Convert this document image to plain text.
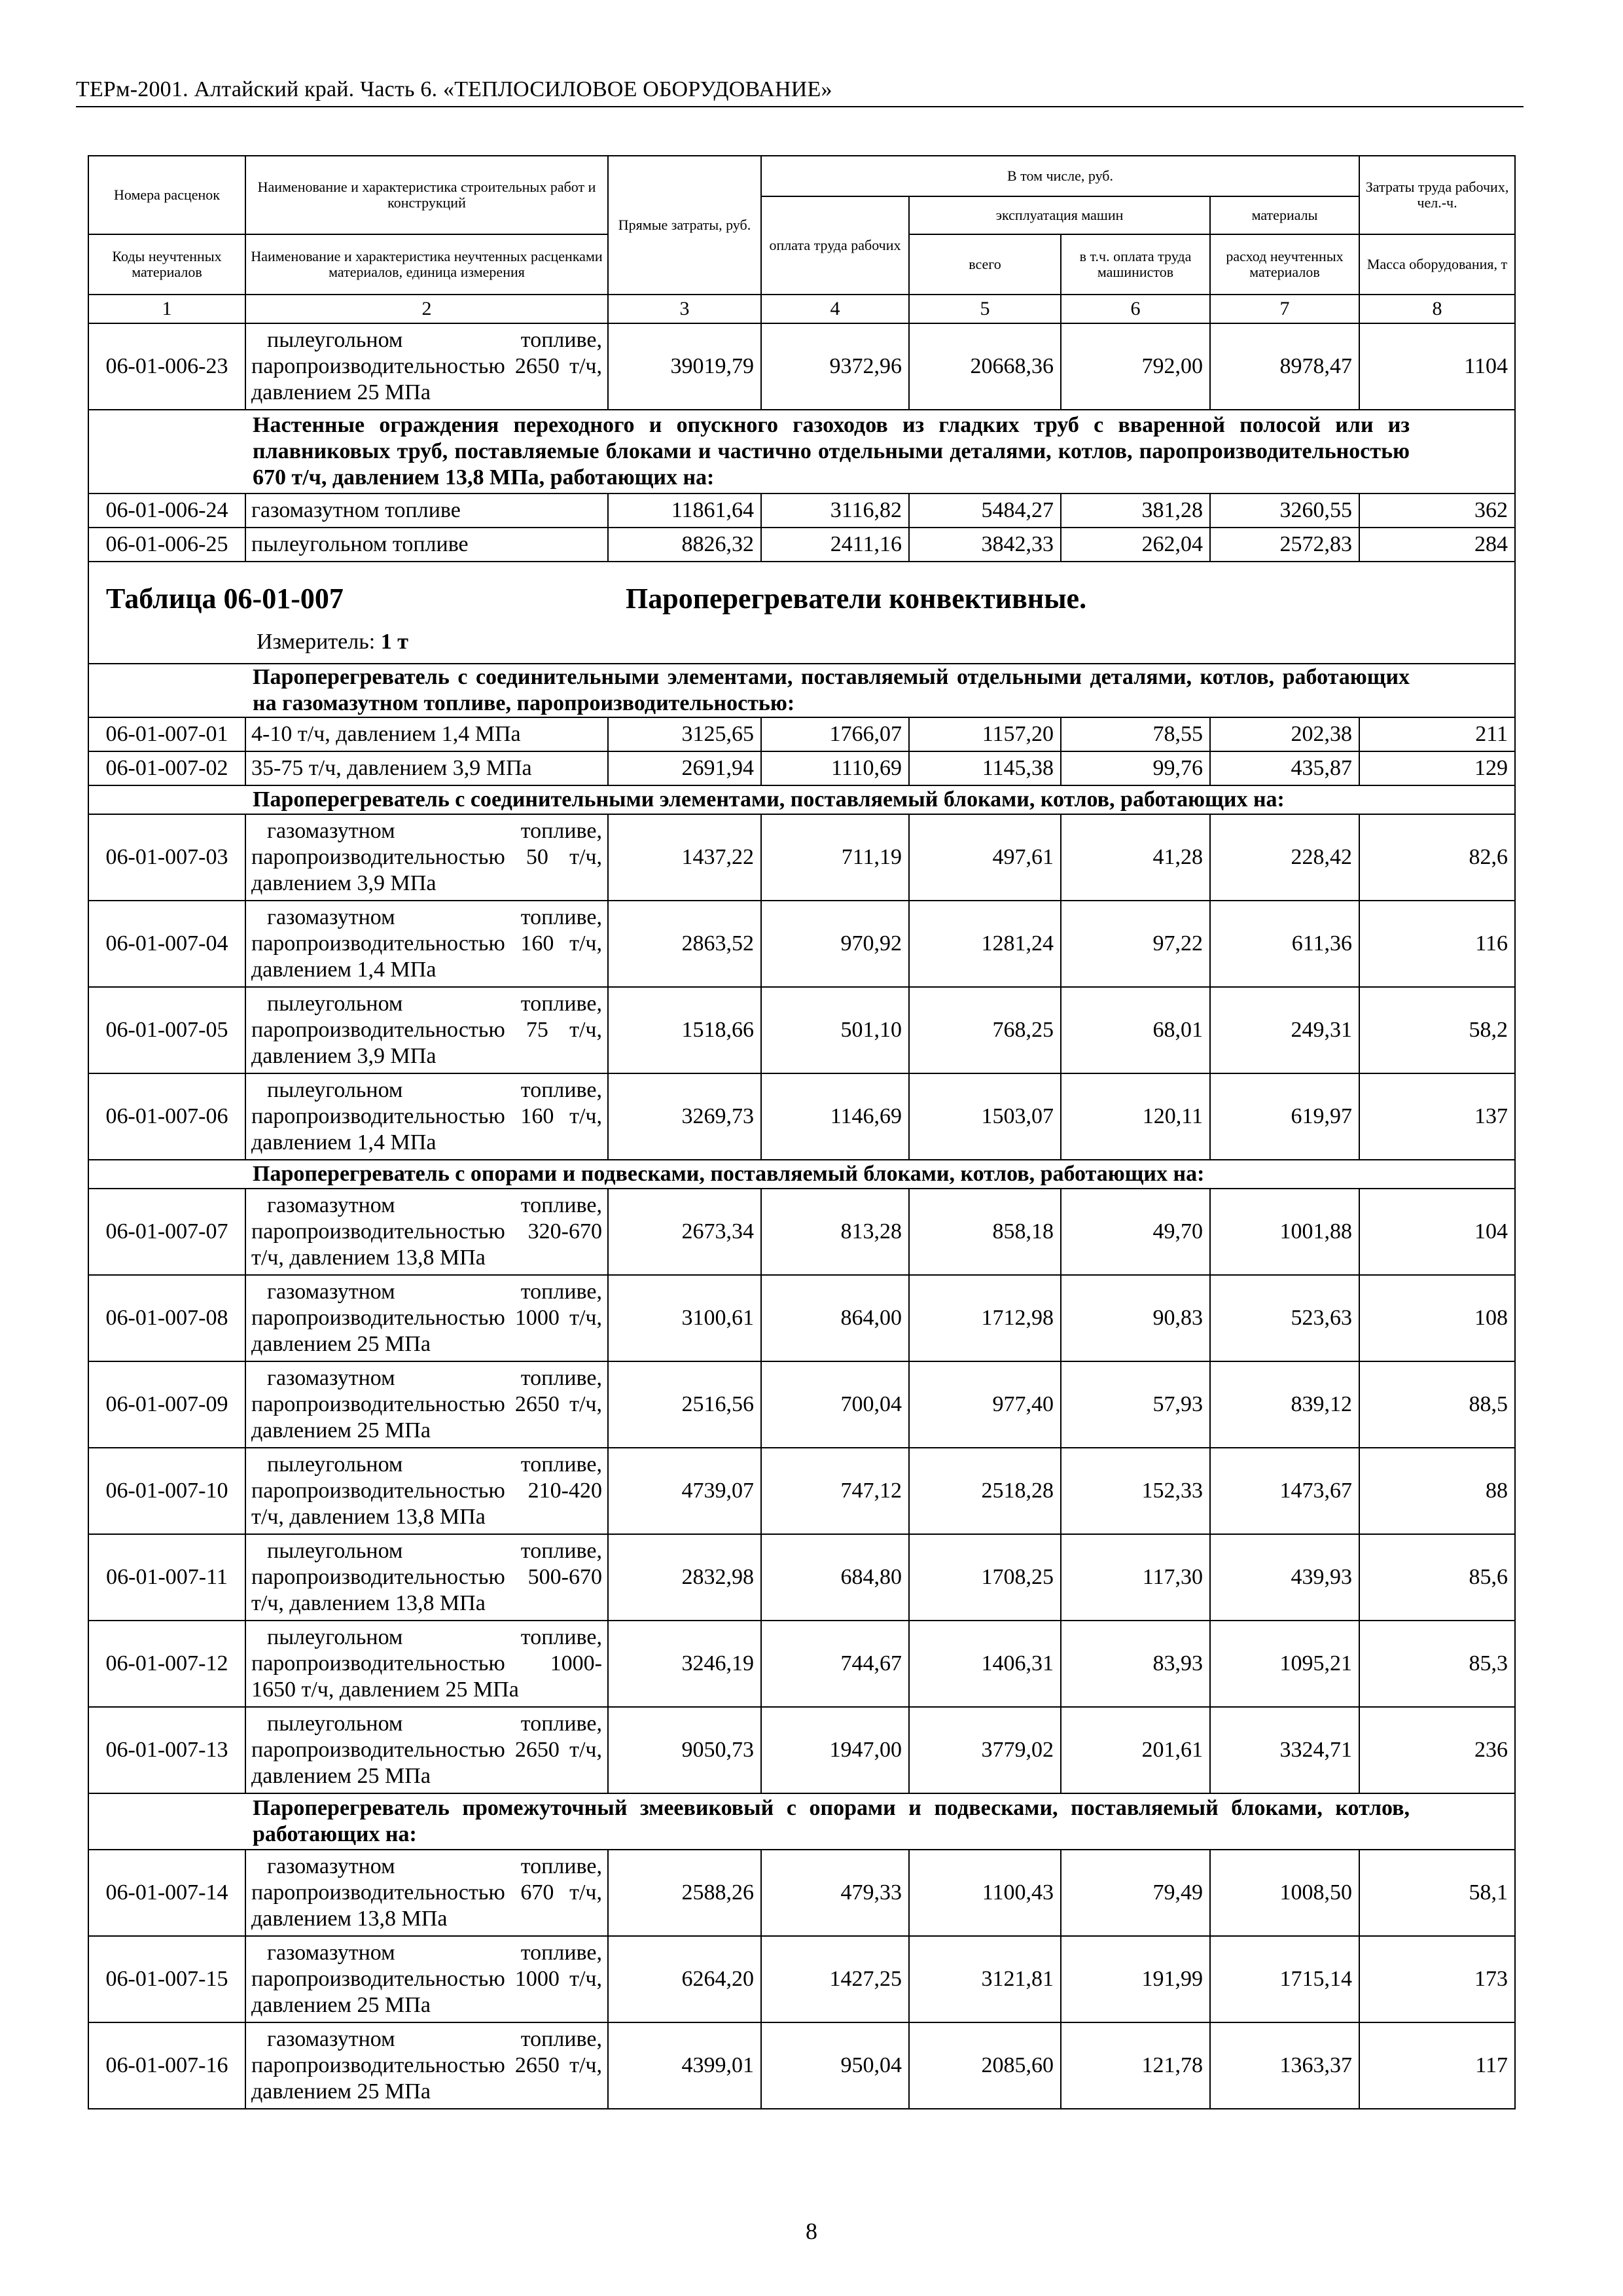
ТЕРм-2001. Алтайский край. Часть 6. «ТЕПЛОСИЛОВОЕ ОБОРУДОВАНИЕ»
Номера расценок	Наименование и характеристика строительных работ и конструкций	Прямые затраты, руб.	В том числе, руб.				Затраты труда рабочих, чел.-ч.
			оплата труда рабочих	эксплуатация машин		материалы	
Коды неучтенных материалов	Наименование и характеристика неучтенных расценками материалов, единица измерения			всего	в т.ч. оплата труда машинистов	расход неучтенных материалов	Масса оборудования, т
1	2	3	4	5	6	7	8
06-01-006-23	пылеугольном топливе, паропроизводительностью 2650 т/ч, давлением 25 МПа	39019,79	9372,96	20668,36	792,00	8978,47	1104
Настенные ограждения переходного и опускного газоходов из гладких труб с вваренной полосой или из плавниковых труб, поставляемые блоками и частично отдельными деталями, котлов, паропроизводительностью 670 т/ч, давлением 13,8 МПа, работающих на:							
06-01-006-24	газомазутном топливе	11861,64	3116,82	5484,27	381,28	3260,55	362
06-01-006-25	пылеугольном топливе	8826,32	2411,16	3842,33	262,04	2572,83	284

Таблица 06-01-007 Пароперегреватели конвективные.
Измеритель: 1 т							

Пароперегреватель с соединительными элементами, поставляемый отдельными деталями, котлов, работающих на газомазутном топливе, паропроизводительностью:							
06-01-007-01	4-10 т/ч, давлением 1,4 МПа	3125,65	1766,07	1157,20	78,55	202,38	211
06-01-007-02	35-75 т/ч, давлением 3,9 МПа	2691,94	1110,69	1145,38	99,76	435,87	129
Пароперегреватель с соединительными элементами, поставляемый блоками, котлов, работающих на:							
06-01-007-03	газомазутном топливе, паропроизводительностью 50 т/ч, давлением 3,9 МПа	1437,22	711,19	497,61	41,28	228,42	82,6
06-01-007-04	газомазутном топливе, паропроизводительностью 160 т/ч, давлением 1,4 МПа	2863,52	970,92	1281,24	97,22	611,36	116
06-01-007-05	пылеугольном топливе, паропроизводительностью 75 т/ч, давлением 3,9 МПа	1518,66	501,10	768,25	68,01	249,31	58,2
06-01-007-06	пылеугольном топливе, паропроизводительностью 160 т/ч, давлением 1,4 МПа	3269,73	1146,69	1503,07	120,11	619,97	137
Пароперегреватель с опорами и подвесками, поставляемый блоками, котлов, работающих на:							
06-01-007-07	газомазутном топливе, паропроизводительностью 320-670 т/ч, давлением 13,8 МПа	2673,34	813,28	858,18	49,70	1001,88	104
06-01-007-08	газомазутном топливе, паропроизводительностью 1000 т/ч, давлением 25 МПа	3100,61	864,00	1712,98	90,83	523,63	108
06-01-007-09	газомазутном топливе, паропроизводительностью 2650 т/ч, давлением 25 МПа	2516,56	700,04	977,40	57,93	839,12	88,5
06-01-007-10	пылеугольном топливе, паропроизводительностью 210-420 т/ч, давлением 13,8 МПа	4739,07	747,12	2518,28	152,33	1473,67	88
06-01-007-11	пылеугольном топливе, паропроизводительностью 500-670 т/ч, давлением 13,8 МПа	2832,98	684,80	1708,25	117,30	439,93	85,6
06-01-007-12	пылеугольном топливе, паропроизводительностью 1000-1650 т/ч, давлением 25 МПа	3246,19	744,67	1406,31	83,93	1095,21	85,3
06-01-007-13	пылеугольном топливе, паропроизводительностью 2650 т/ч, давлением 25 МПа	9050,73	1947,00	3779,02	201,61	3324,71	236
Пароперегреватель промежуточный змеевиковый с опорами и подвесками, поставляемый блоками, котлов, работающих на:							
06-01-007-14	газомазутном топливе, паропроизводительностью 670 т/ч, давлением 13,8 МПа	2588,26	479,33	1100,43	79,49	1008,50	58,1
06-01-007-15	газомазутном топливе, паропроизводительностью 1000 т/ч, давлением 25 МПа	6264,20	1427,25	3121,81	191,99	1715,14	173
06-01-007-16	газомазутном топливе, паропроизводительностью 2650 т/ч, давлением 25 МПа	4399,01	950,04	2085,60	121,78	1363,37	117
8
